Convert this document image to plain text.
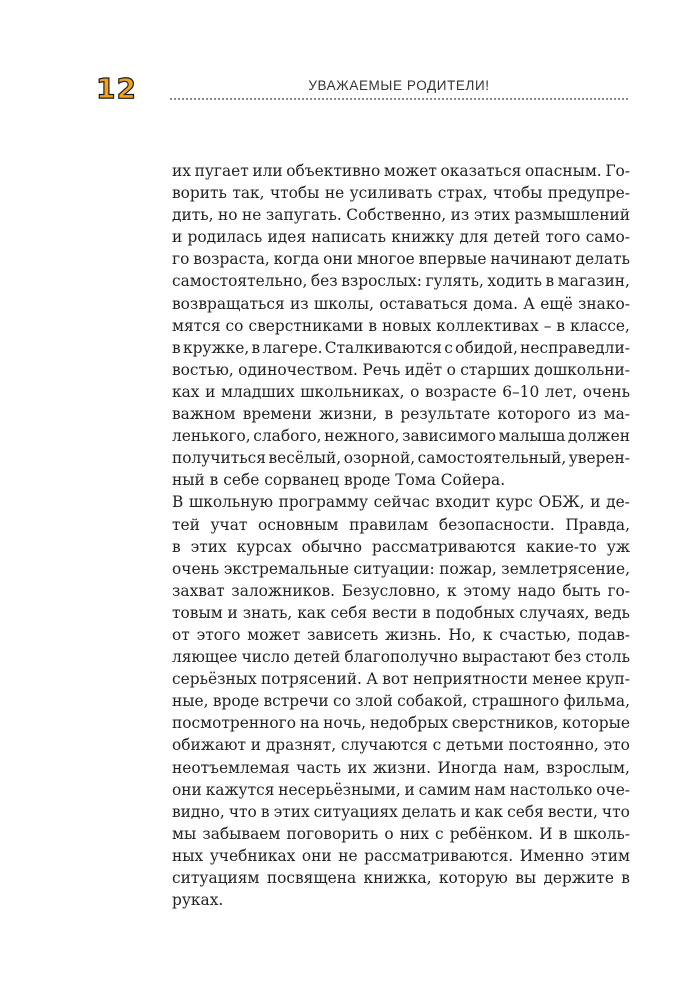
12	УВАЖАЕМЫЕ РОДИТЕЛИ!

их пугает или объективно может оказаться опасным. Го-
ворить так, чтобы не усиливать страх, чтобы предупре-
дить, но не запугать. Собственно, из этих размышлений
и родилась идея написать книжку для детей того само-
го возраста, когда они многое впервые начинают делать
самостоятельно, без взрослых: гулять, ходить в магазин,
возвращаться из школы, оставаться дома. А ещё знако-
мятся со сверстниками в новых коллективах – в классе,
в кружке, в лагере. Сталкиваются с обидой, несправедли-
востью, одиночеством. Речь идёт о старших дошкольни-
ках и младших школьниках, о возрасте 6–10 лет, очень
важном времени жизни, в результате которого из ма-
ленького, слабого, нежного, зависимого малыша должен
получиться весёлый, озорной, самостоятельный, уверен-
ный в себе сорванец вроде Тома Сойера.

В школьную программу сейчас входит курс ОБЖ, и де-
тей учат основным правилам безопасности. Правда,
в этих курсах обычно рассматриваются какие-то уж
очень экстремальные ситуации: пожар, землетрясение,
захват заложников. Безусловно, к этому надо быть го-
товым и знать, как себя вести в подобных случаях, ведь
от этого может зависеть жизнь. Но, к счастью, подав-
ляющее число детей благополучно вырастают без столь
серьёзных потрясений. А вот неприятности менее круп-
ные, вроде встречи со злой собакой, страшного фильма,
посмотренного на ночь, недобрых сверстников, которые
обижают и дразнят, случаются с детьми постоянно, это
неотъемлемая часть их жизни. Иногда нам, взрослым,
они кажутся несерьёзными, и самим нам настолько оче-
видно, что в этих ситуациях делать и как себя вести, что
мы забываем поговорить о них с ребёнком. И в школь-
ных учебниках они не рассматриваются. Именно этим
ситуациям посвящена книжка, которую вы держите в
руках.
